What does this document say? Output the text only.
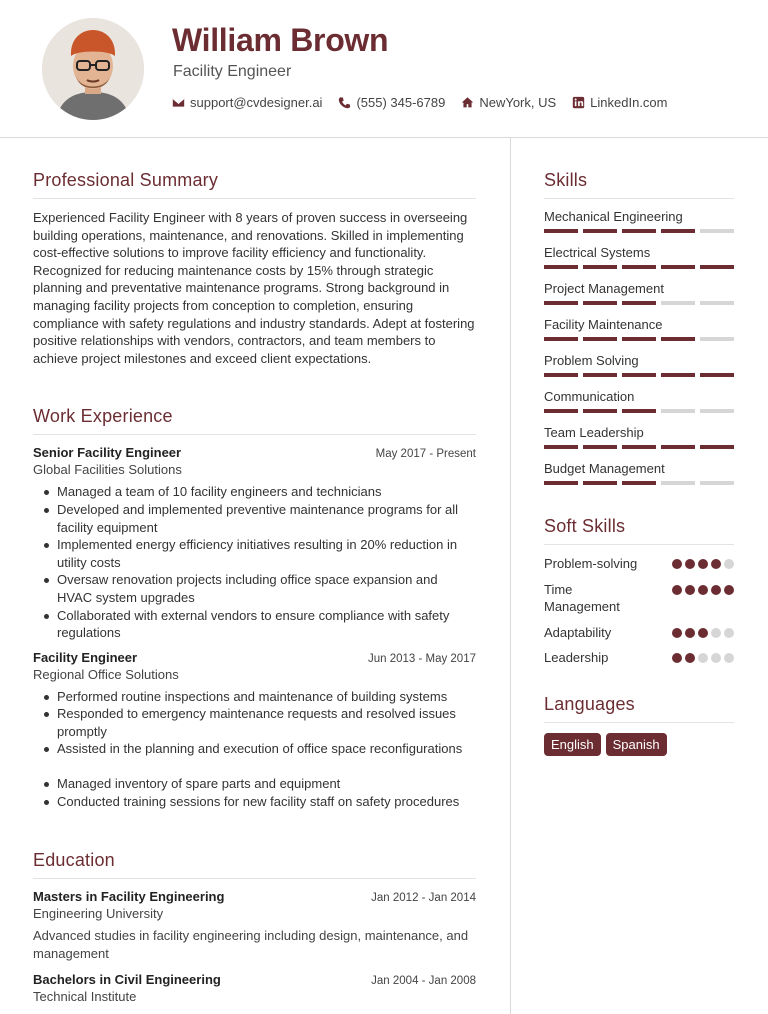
William Brown
Facility Engineer
support@cvdesigner.ai	(555) 345-6789	NewYork, US	LinkedIn.com
Professional Summary

Experienced Facility Engineer with 8 years of proven success in overseeing building operations, maintenance, and renovations. Skilled in implementing cost-effective solutions to improve facility efficiency and functionality. Recognized for reducing maintenance costs by 15% through strategic planning and preventative maintenance programs. Strong background in managing facility projects from conception to completion, ensuring compliance with safety regulations and industry standards. Adept at fostering positive relationships with vendors, contractors, and team members to achieve project milestones and exceed client expectations.

Work Experience
Senior Facility Engineer	May 2017 - Present
Global Facilities Solutions
Managed a team of 10 facility engineers and technicians
Developed and implemented preventive maintenance programs for all facility equipment
Implemented energy efficiency initiatives resulting in 20% reduction in utility costs
Oversaw renovation projects including office space expansion and HVAC system upgrades
Collaborated with external vendors to ensure compliance with safety regulations
Facility Engineer	Jun 2013 - May 2017
Regional Office Solutions
Performed routine inspections and maintenance of building systems
Responded to emergency maintenance requests and resolved issues promptly
Assisted in the planning and execution of office space reconfigurations
Managed inventory of spare parts and equipment
Conducted training sessions for new facility staff on safety procedures
Education
Masters in Facility Engineering	Jan 2012 - Jan 2014
Engineering University
Advanced studies in facility engineering including design, maintenance, and management
Bachelors in Civil Engineering	Jan 2004 - Jan 2008
Technical Institute
Skills
Mechanical Engineering
Electrical Systems
Project Management
Facility Maintenance
Problem Solving
Communication
Team Leadership
Budget Management
Soft Skills
Problem-solving
Time Management
Adaptability
Leadership
Languages
English	Spanish
